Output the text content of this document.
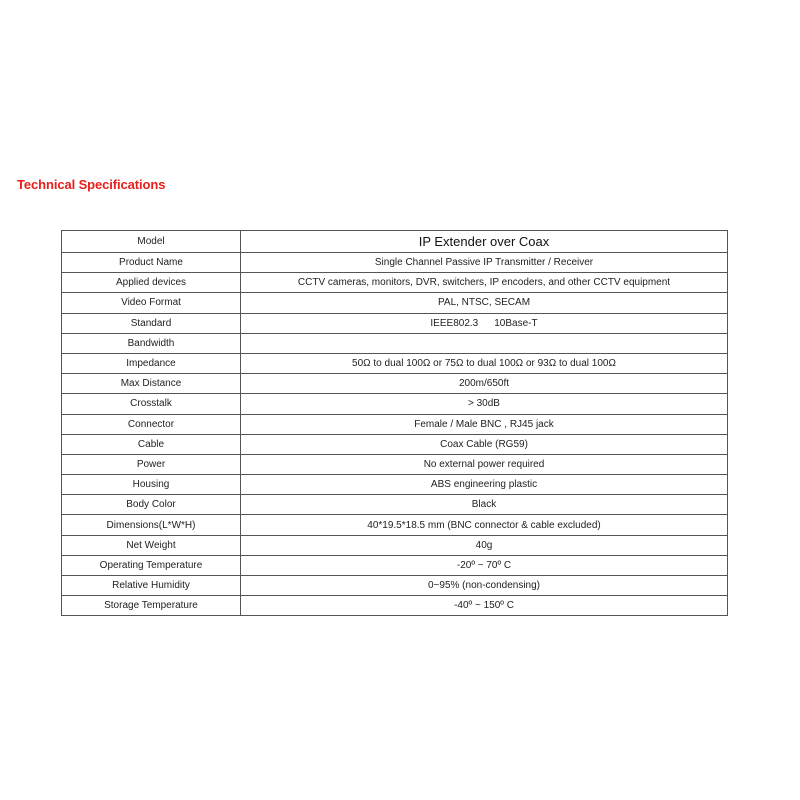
Technical Specifications
Model	IP Extender over Coax
Product Name	Single Channel Passive IP Transmitter / Receiver
Applied devices	CCTV cameras, monitors, DVR, switchers, IP encoders, and other CCTV equipment
Video Format	PAL, NTSC, SECAM
Standard	IEEE802.3 10Base-T
Bandwidth	
Impedance	50Ω to dual 100Ω or 75Ω to dual 100Ω or 93Ω to dual 100Ω
Max Distance	200m/650ft
Crosstalk	> 30dB
Connector	Female / Male BNC , RJ45 jack
Cable	Coax Cable (RG59)
Power	No external power required
Housing	ABS engineering plastic
Body Color	Black
Dimensions(L*W*H)	40*19.5*18.5 mm (BNC connector & cable excluded)
Net Weight	40g
Operating Temperature	-20º ~ 70º C
Relative Humidity	0~95% (non-condensing)
Storage Temperature	-40º ~ 150º C
